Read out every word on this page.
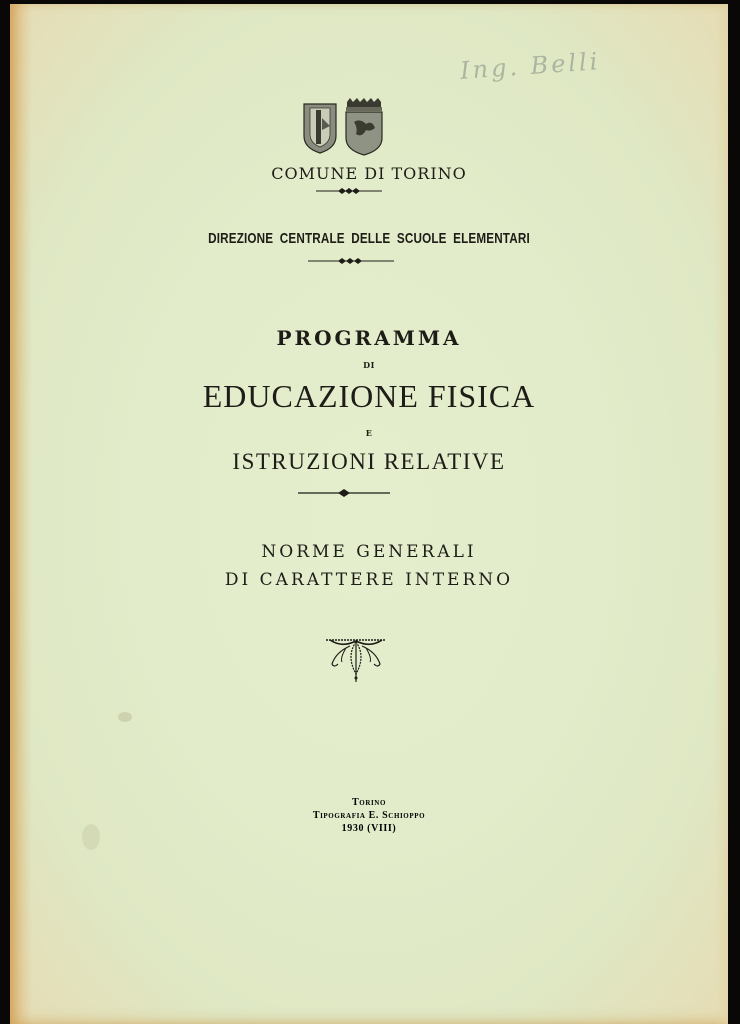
Ing. Belli
COMUNE DI TORINO
DIREZIONE CENTRALE DELLE SCUOLE ELEMENTARI
PROGRAMMA
DI
EDUCAZIONE FISICA
E
ISTRUZIONI RELATIVE
NORME GENERALI
DI CARATTERE INTERNO
Torino
Tipografia E. Schioppo
1930 (VIII)
